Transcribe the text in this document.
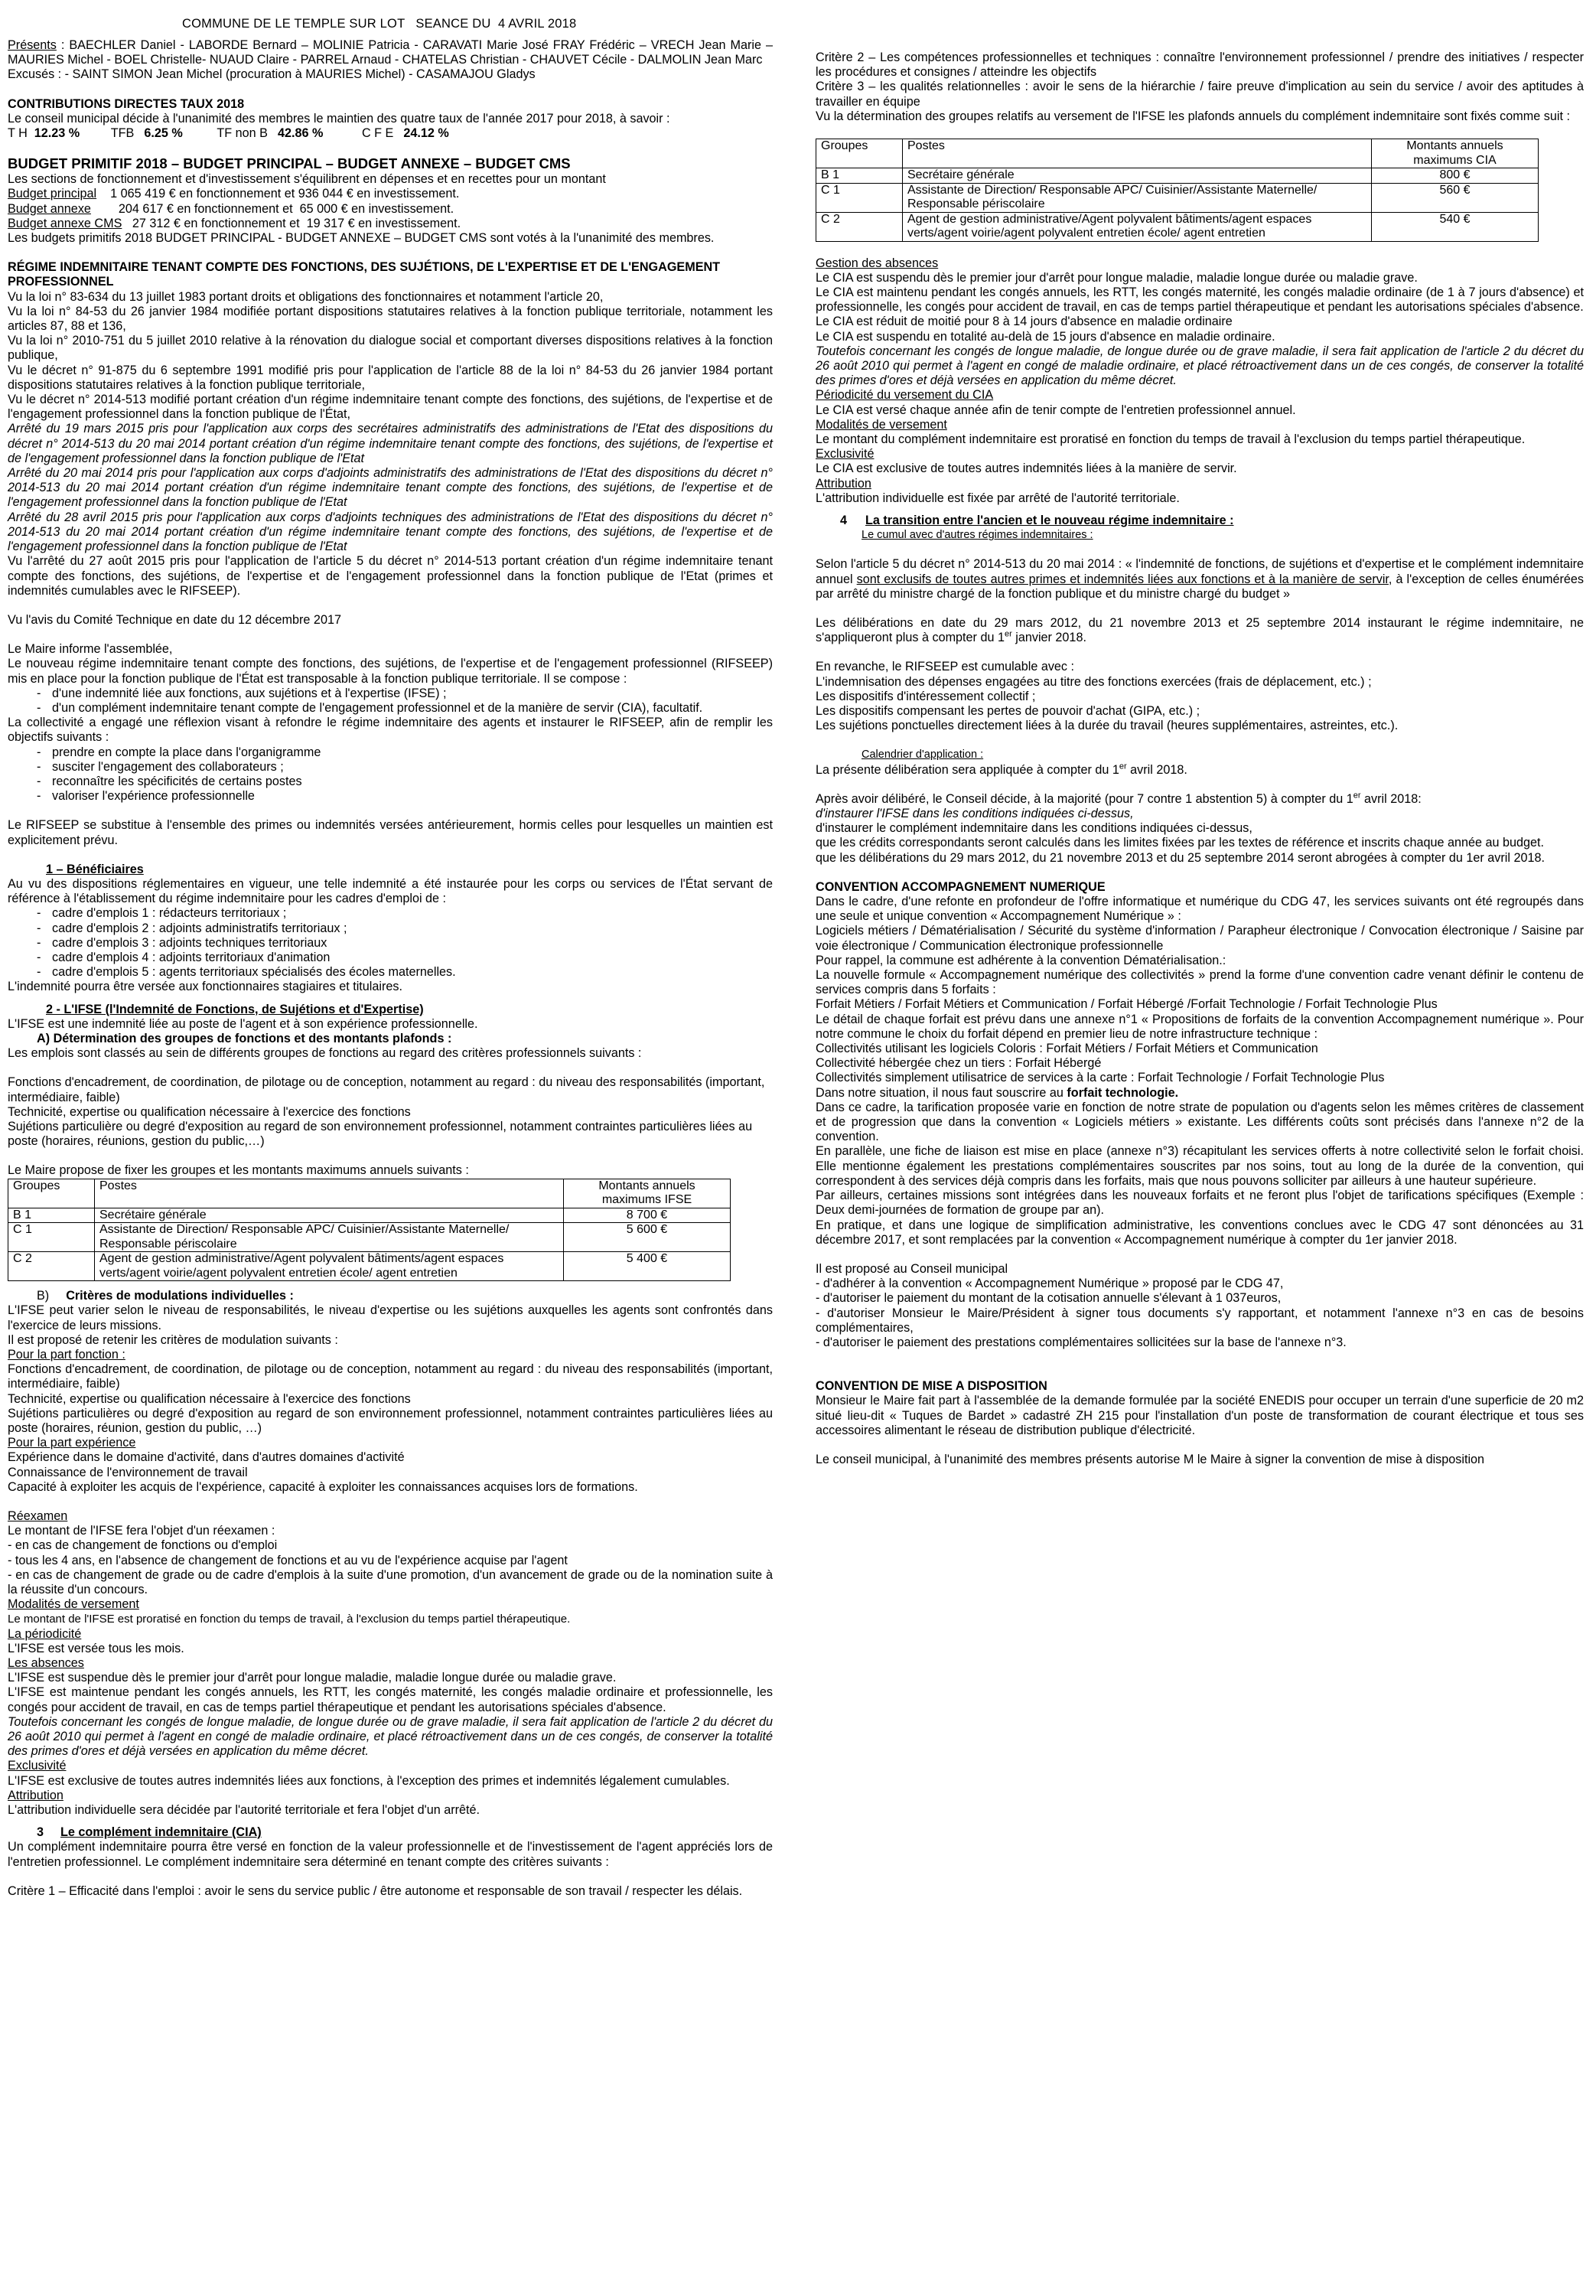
COMMUNE DE LE TEMPLE SUR LOT   SEANCE DU  4 AVRIL 2018

Présents : BAECHLER Daniel - LABORDE Bernard – MOLINIE Patricia - CARAVATI Marie José FRAY Frédéric – VRECH Jean Marie – MAURIES Michel - BOEL Christelle- NUAUD Claire - PARREL Arnaud - CHATELAS Christian - CHAUVET Cécile - DALMOLIN Jean Marc

Excusés : - SAINT SIMON Jean Michel (procuration à MAURIES Michel) - CASAMAJOU Gladys

CONTRIBUTIONS DIRECTES TAUX 2018

Le conseil municipal décide à l'unanimité des membres le maintien des quatre taux de l'année 2017 pour 2018, à savoir :

T H  12.23 %	TFB  6.25 %	TF non B  42.86 %	C F E  24.12 %

BUDGET PRIMITIF 2018 – BUDGET PRINCIPAL – BUDGET ANNEXE – BUDGET CMS

Les sections de fonctionnement et d'investissement s'équilibrent en dépenses et en recettes pour un montant

Budget principal    1 065 419 € en fonctionnement et 936 044 € en investissement.

Budget annexe        204 617 € en fonctionnement et  65 000 € en investissement.

Budget annexe CMS   27 312 € en fonctionnement et  19 317 € en investissement.

Les budgets primitifs 2018 BUDGET PRINCIPAL - BUDGET ANNEXE – BUDGET CMS sont votés à la l'unanimité des membres.

RÉGIME INDEMNITAIRE TENANT COMPTE DES FONCTIONS, DES SUJÉTIONS, DE L'EXPERTISE ET DE L'ENGAGEMENT PROFESSIONNEL

Vu la loi n° 83-634 du 13 juillet 1983 portant droits et obligations des fonctionnaires et notamment l'article 20,

Vu la loi n° 84-53 du 26 janvier 1984 modifiée portant dispositions statutaires relatives à la fonction publique territoriale, notamment les articles 87, 88 et 136,

Vu la loi n° 2010-751 du 5 juillet 2010 relative à la rénovation du dialogue social et comportant diverses dispositions relatives à la fonction publique,

Vu le décret n° 91-875 du 6 septembre 1991 modifié pris pour l'application de l'article 88 de la loi n° 84-53 du 26 janvier 1984 portant dispositions statutaires relatives à la fonction publique territoriale,

Vu le décret n° 2014-513 modifié portant création d'un régime indemnitaire tenant compte des fonctions, des sujétions, de l'expertise et de l'engagement professionnel dans la fonction publique de l'État,

Arrêté du 19 mars 2015 pris pour l'application aux corps des secrétaires administratifs des administrations de l'Etat des dispositions du décret n° 2014-513 du 20 mai 2014 portant création d'un régime indemnitaire tenant compte des fonctions, des sujétions, de l'expertise et de l'engagement professionnel dans la fonction publique de l'Etat

Arrêté du 20 mai 2014 pris pour l'application aux corps d'adjoints administratifs des administrations de l'Etat des dispositions du décret n° 2014-513 du 20 mai 2014 portant création d'un régime indemnitaire tenant compte des fonctions, des sujétions, de l'expertise et de l'engagement professionnel dans la fonction publique de l'Etat

Arrêté du 28 avril 2015 pris pour l'application aux corps d'adjoints techniques des administrations de l'Etat des dispositions du décret n° 2014-513 du 20 mai 2014 portant création d'un régime indemnitaire tenant compte des fonctions, des sujétions, de l'expertise et de l'engagement professionnel dans la fonction publique de l'Etat

Vu l'arrêté du 27 août 2015 pris pour l'application de l'article 5 du décret n° 2014-513 portant création d'un régime indemnitaire tenant compte des fonctions, des sujétions, de l'expertise et de l'engagement professionnel dans la fonction publique de l'Etat (primes et indemnités cumulables avec le RIFSEEP).

Vu l'avis du Comité Technique en date du 12 décembre 2017

Le Maire informe l'assemblée,

Le nouveau régime indemnitaire tenant compte des fonctions, des sujétions, de l'expertise et de l'engagement professionnel (RIFSEEP) mis en place pour la fonction publique de l'État est transposable à la fonction publique territoriale. Il se compose :

- d'une indemnité liée aux fonctions, aux sujétions et à l'expertise (IFSE) ;
- d'un complément indemnitaire tenant compte de l'engagement professionnel et de la manière de servir (CIA), facultatif.

La collectivité a engagé une réflexion visant à refondre le régime indemnitaire des agents et instaurer le RIFSEEP, afin de remplir les objectifs suivants :

- prendre en compte la place dans l'organigramme
- susciter l'engagement des collaborateurs ;
- reconnaître les spécificités de certains postes
- valoriser l'expérience professionnelle

Le RIFSEEP se substitue à l'ensemble des primes ou indemnités versées antérieurement, hormis celles pour lesquelles un maintien est explicitement prévu.

1 – Bénéficiaires

Au vu des dispositions réglementaires en vigueur, une telle indemnité a été instaurée pour les corps ou services de l'État servant de référence à l'établissement du régime indemnitaire pour les cadres d'emploi de :

- cadre d'emplois 1 : rédacteurs territoriaux ;
- cadre d'emplois 2 : adjoints administratifs territoriaux ;
- cadre d'emplois 3 : adjoints techniques territoriaux
- cadre d'emplois 4 : adjoints territoriaux d'animation
- cadre d'emplois 5 : agents territoriaux spécialisés des écoles maternelles.

L'indemnité pourra être versée aux fonctionnaires stagiaires et titulaires.

2 - L'IFSE (l'Indemnité de Fonctions, de Sujétions et d'Expertise)

L'IFSE est une indemnité liée au poste de l'agent et à son expérience professionnelle.

A) Détermination des groupes de fonctions et des montants plafonds :

Les emplois sont classés au sein de différents groupes de fonctions au regard des critères professionnels suivants :

Fonctions d'encadrement, de coordination, de pilotage ou de conception, notamment au regard : du niveau des responsabilités (important, intermédiaire, faible)

Technicité, expertise ou qualification nécessaire à l'exercice des fonctions

Sujétions particulière ou degré d'exposition au regard de son environnement professionnel, notamment contraintes particulières liées au poste (horaires, réunions, gestion du public,…)

Le Maire propose de fixer les groupes et les montants maximums annuels suivants :

Groupes	Postes	Montants annuels maximums IFSE
B 1	Secrétaire générale	8 700 €
C 1	Assistante de Direction/ Responsable APC/ Cuisinier/Assistante Maternelle/ Responsable périscolaire	5 600 €
C 2	Agent de gestion administrative/Agent polyvalent bâtiments/agent espaces verts/agent voirie/agent polyvalent entretien école/ agent entretien	5 400 €

B) Critères de modulations individuelles :

L'IFSE peut varier selon le niveau de responsabilités, le niveau d'expertise ou les sujétions auxquelles les agents sont confrontés dans l'exercice de leurs missions.

Il est proposé de retenir les critères de modulation suivants :

Pour la part fonction :

Fonctions d'encadrement, de coordination, de pilotage ou de conception, notamment au regard : du niveau des responsabilités (important, intermédiaire, faible)

Technicité, expertise ou qualification nécessaire à l'exercice des fonctions

Sujétions particulières ou degré d'exposition au regard de son environnement professionnel, notamment contraintes particulières liées au poste (horaires, réunion, gestion du public, …)

Pour la part expérience

Expérience dans le domaine d'activité, dans d'autres domaines d'activité

Connaissance de l'environnement de travail

Capacité à exploiter les acquis de l'expérience, capacité à exploiter les connaissances acquises lors de formations.

Réexamen

Le montant de l'IFSE fera l'objet d'un réexamen :

- en cas de changement de fonctions ou d'emploi

- tous les 4 ans, en l'absence de changement de fonctions et au vu de l'expérience acquise par l'agent

- en cas de changement de grade ou de cadre d'emplois à la suite d'une promotion, d'un avancement de grade ou de la nomination suite à la réussite d'un concours.

Modalités de versement

Le montant de l'IFSE est proratisé en fonction du temps de travail, à l'exclusion du temps partiel thérapeutique.

La périodicité

L'IFSE est versée tous les mois.

Les absences

L'IFSE est suspendue dès le premier jour d'arrêt pour longue maladie, maladie longue durée ou maladie grave.

L'IFSE est maintenue pendant les congés annuels, les RTT, les congés maternité, les congés maladie ordinaire et professionnelle, les congés pour accident de travail, en cas de temps partiel thérapeutique et pendant les autorisations spéciales d'absence.

Toutefois concernant les congés de longue maladie, de longue durée ou de grave maladie, il sera fait application de l'article 2 du décret du 26 août 2010 qui permet à l'agent en congé de maladie ordinaire, et placé rétroactivement dans un de ces congés, de conserver la totalité des primes d'ores et déjà versées en application du même décret.

Exclusivité

L'IFSE est exclusive de toutes autres indemnités liées aux fonctions, à l'exception des primes et indemnités légalement cumulables.

Attribution

L'attribution individuelle sera décidée par l'autorité territoriale et fera l'objet d'un arrêté.

3 Le complément indemnitaire (CIA)

Un complément indemnitaire pourra être versé en fonction de la valeur professionnelle et de l'investissement de l'agent appréciés lors de l'entretien professionnel. Le complément indemnitaire sera déterminé en tenant compte des critères suivants :

Critère 1 – Efficacité dans l'emploi : avoir le sens du service public / être autonome et responsable de son travail / respecter les délais.

Critère 2 – Les compétences professionnelles et techniques : connaître l'environnement professionnel / prendre des initiatives / respecter les procédures et consignes / atteindre les objectifs

Critère 3 – les qualités relationnelles : avoir le sens de la hiérarchie / faire preuve d'implication au sein du service / avoir des aptitudes à travailler en équipe

Vu la détermination des groupes relatifs au versement de l'IFSE les plafonds annuels du complément indemnitaire sont fixés comme suit :

Groupes	Postes	Montants annuels maximums CIA
B 1	Secrétaire générale	800 €
C 1	Assistante de Direction/ Responsable APC/ Cuisinier/Assistante Maternelle/ Responsable périscolaire	560 €
C 2	Agent de gestion administrative/Agent polyvalent bâtiments/agent espaces verts/agent voirie/agent polyvalent entretien école/ agent entretien	540 €

Gestion des absences

Le CIA est suspendu dès le premier jour d'arrêt pour longue maladie, maladie longue durée ou maladie grave.

Le CIA est maintenu pendant les congés annuels, les RTT, les congés maternité, les congés maladie ordinaire (de 1 à 7 jours d'absence) et professionnelle, les congés pour accident de travail, en cas de temps partiel thérapeutique et pendant les autorisations spéciales d'absence.

Le CIA est réduit de moitié pour 8 à 14 jours d'absence en maladie ordinaire

Le CIA est suspendu en totalité au-delà de 15 jours d'absence en maladie ordinaire.

Toutefois concernant les congés de longue maladie, de longue durée ou de grave maladie, il sera fait application de l'article 2 du décret du 26 août 2010 qui permet à l'agent en congé de maladie ordinaire, et placé rétroactivement dans un de ces congés, de conserver la totalité des primes d'ores et déjà versées en application du même décret.

Périodicité du versement du CIA

Le CIA est versé chaque année afin de tenir compte de l'entretien professionnel annuel.

Modalités de versement

Le montant du complément indemnitaire est proratisé en fonction du temps de travail à l'exclusion du temps partiel thérapeutique.

Exclusivité

Le CIA est exclusive de toutes autres indemnités liées à la manière de servir.

Attribution

L'attribution individuelle est fixée par arrêté de l'autorité territoriale.

4 La transition entre l'ancien et le nouveau régime indemnitaire :

Le cumul avec d'autres régimes indemnitaires :

Selon l'article 5 du décret n° 2014-513 du 20 mai 2014 : « l'indemnité de fonctions, de sujétions et d'expertise et le complément indemnitaire annuel sont exclusifs de toutes autres primes et indemnités liées aux fonctions et à la manière de servir, à l'exception de celles énumérées par arrêté du ministre chargé de la fonction publique et du ministre chargé du budget »

Les délibérations en date du 29 mars 2012, du 21 novembre 2013 et 25 septembre 2014 instaurant le régime indemnitaire, ne s'appliqueront plus à compter du 1er janvier 2018.

En revanche, le RIFSEEP est cumulable avec :

L'indemnisation des dépenses engagées au titre des fonctions exercées (frais de déplacement, etc.) ;

Les dispositifs d'intéressement collectif ;

Les dispositifs compensant les pertes de pouvoir d'achat (GIPA, etc.) ;

Les sujétions ponctuelles directement liées à la durée du travail (heures supplémentaires, astreintes, etc.).

Calendrier d'application :

La présente délibération sera appliquée à compter du 1er avril 2018.

Après avoir délibéré, le Conseil décide, à la majorité (pour 7 contre 1 abstention 5) à compter du 1er avril 2018:

d'instaurer l'IFSE dans les conditions indiquées ci-dessus,

d'instaurer le complément indemnitaire dans les conditions indiquées ci-dessus,

que les crédits correspondants seront calculés dans les limites fixées par les textes de référence et inscrits chaque année au budget.

que les délibérations du 29 mars 2012, du 21 novembre 2013 et du 25 septembre 2014 seront abrogées à compter du 1er avril 2018.

CONVENTION ACCOMPAGNEMENT NUMERIQUE

Dans le cadre, d'une refonte en profondeur de l'offre informatique et numérique du CDG 47, les services suivants ont été regroupés dans une seule et unique convention « Accompagnement Numérique » :

Logiciels métiers / Dématérialisation / Sécurité du système d'information / Parapheur électronique / Convocation électronique / Saisine par voie électronique / Communication électronique professionnelle

Pour rappel, la commune est adhérente à la convention Dématérialisation.:

La nouvelle formule « Accompagnement numérique des collectivités » prend la forme d'une convention cadre venant définir le contenu de services compris dans 5 forfaits :

Forfait Métiers / Forfait Métiers et Communication / Forfait Hébergé /Forfait Technologie / Forfait Technologie Plus

Le détail de chaque forfait est prévu dans une annexe n°1 « Propositions de forfaits de la convention Accompagnement numérique ». Pour notre commune le choix du forfait dépend en premier lieu de notre infrastructure technique :

Collectivités utilisant les logiciels Coloris : Forfait Métiers / Forfait Métiers et Communication

Collectivité hébergée chez un tiers : Forfait Hébergé

Collectivités simplement utilisatrice de services à la carte : Forfait Technologie / Forfait Technologie Plus

Dans notre situation, il nous faut souscrire au forfait technologie.

Dans ce cadre, la tarification proposée varie en fonction de notre strate de population ou d'agents selon les mêmes critères de classement et de progression que dans la convention « Logiciels métiers » existante. Les différents coûts sont précisés dans l'annexe n°2 de la convention.

En parallèle, une fiche de liaison est mise en place (annexe n°3) récapitulant les services offerts à notre collectivité selon le forfait choisi. Elle mentionne également les prestations complémentaires souscrites par nos soins, tout au long de la durée de la convention, qui correspondent à des services déjà compris dans les forfaits, mais que nous pouvons solliciter par ailleurs à une hauteur supérieure.

Par ailleurs, certaines missions sont intégrées dans les nouveaux forfaits et ne feront plus l'objet de tarifications spécifiques (Exemple : Deux demi-journées de formation de groupe par an).

En pratique, et dans une logique de simplification administrative, les conventions conclues avec le CDG 47 sont dénoncées au 31 décembre 2017, et sont remplacées par la convention « Accompagnement numérique à compter du 1er janvier 2018.

Il est proposé au Conseil municipal

- d'adhérer à la convention « Accompagnement Numérique » proposé par le CDG 47,

- d'autoriser le paiement du montant de la cotisation annuelle s'élevant à 1 037euros,

- d'autoriser Monsieur le Maire/Président à signer tous documents s'y rapportant, et notamment l'annexe n°3 en cas de besoins complémentaires,

- d'autoriser le paiement des prestations complémentaires sollicitées sur la base de l'annexe n°3.

CONVENTION DE MISE A DISPOSITION

Monsieur le Maire fait part à l'assemblée de la demande formulée par la société ENEDIS pour occuper un terrain d'une superficie de 20 m2 situé lieu-dit « Tuques de Bardet » cadastré ZH 215 pour l'installation d'un poste de transformation de courant électrique et tous ses accessoires alimentant le réseau de distribution publique d'électricité.

Le conseil municipal, à l'unanimité des membres présents autorise M le Maire à signer la convention de mise à disposition
